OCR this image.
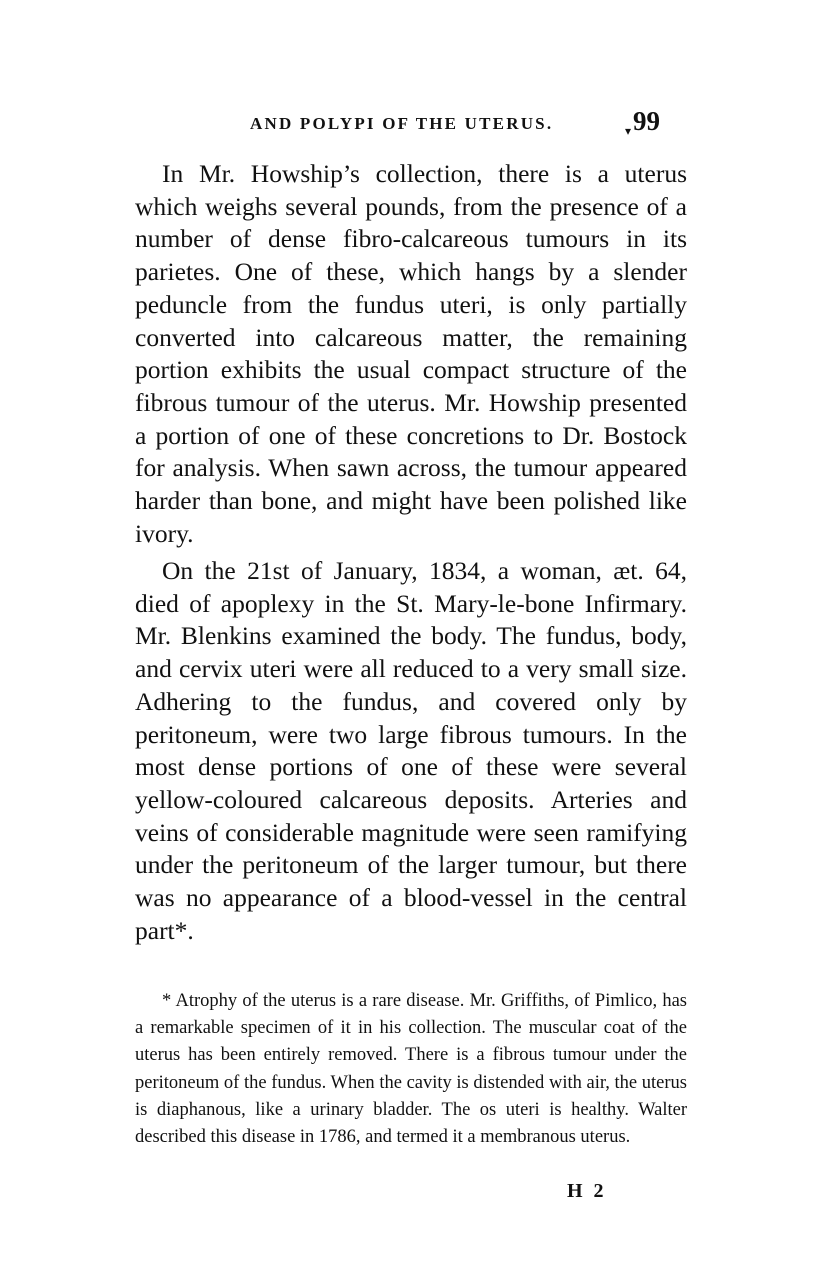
AND POLYPI OF THE UTERUS.	▾ 99

In Mr. Howship’s collection, there is a uterus which weighs several pounds, from the presence of a number of dense fibro-calcareous tumours in its parietes. One of these, which hangs by a slender peduncle from the fundus uteri, is only partially converted into calcareous matter, the remaining portion exhibits the usual compact structure of the fibrous tumour of the uterus. Mr. Howship presented a portion of one of these concretions to Dr. Bostock for analysis. When sawn across, the tumour appeared harder than bone, and might have been polished like ivory.

On the 21st of January, 1834, a woman, æt. 64, died of apoplexy in the St. Mary-le-bone Infirmary. Mr. Blenkins examined the body. The fundus, body, and cervix uteri were all reduced to a very small size. Adhering to the fundus, and covered only by peritoneum, were two large fibrous tumours. In the most dense portions of one of these were several yellow-coloured calcareous deposits. Arteries and veins of considerable magnitude were seen ramifying under the peritoneum of the larger tumour, but there was no appearance of a blood-vessel in the central part*.

* Atrophy of the uterus is a rare disease. Mr. Griffiths, of Pimlico, has a remarkable specimen of it in his collection. The muscular coat of the uterus has been entirely removed. There is a fibrous tumour under the peritoneum of the fundus. When the cavity is distended with air, the uterus is diaphanous, like a urinary bladder. The os uteri is healthy. Walter described this disease in 1786, and termed it a membranous uterus.

H 2
